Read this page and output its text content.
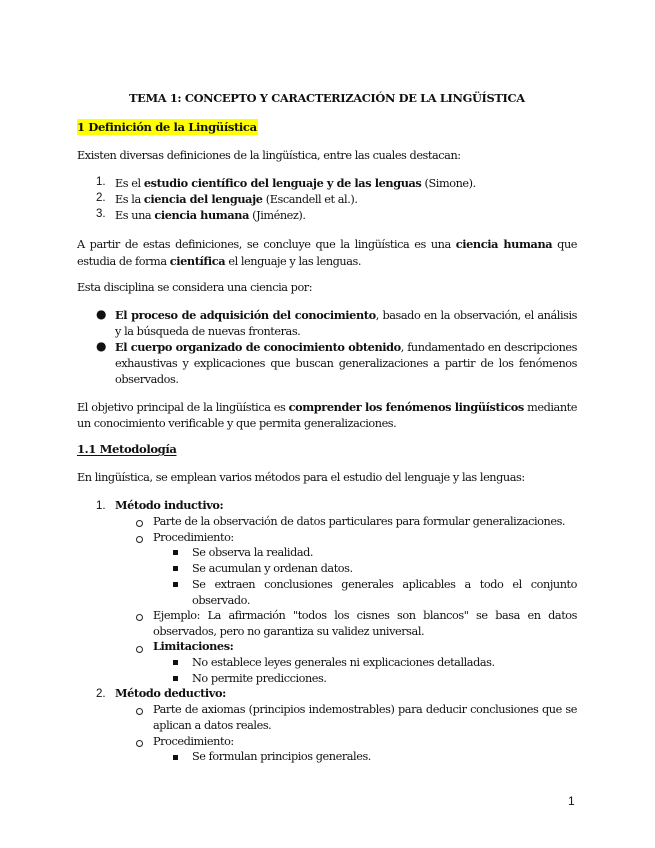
TEMA 1: CONCEPTO Y CARACTERIZACIÓN DE LA LINGÜÍSTICA
1 Definición de la Lingüística
Existen diversas definiciones de la lingüística, entre las cuales destacan:
1. Es el estudio científico del lenguaje y de las lenguas (Simone).
2. Es la ciencia del lenguaje (Escandell et al.).
3. Es una ciencia humana (Jiménez).
A partir de estas definiciones, se concluye que la lingüística es una ciencia humana que estudia de forma científica el lenguaje y las lenguas.
Esta disciplina se considera una ciencia por:
● El proceso de adquisición del conocimiento, basado en la observación, el análisis y la búsqueda de nuevas fronteras.
● El cuerpo organizado de conocimiento obtenido, fundamentado en descripciones exhaustivas y explicaciones que buscan generalizaciones a partir de los fenómenos observados.
El objetivo principal de la lingüística es comprender los fenómenos lingüísticos mediante un conocimiento verificable y que permita generalizaciones.
1.1 Metodología
En lingüística, se emplean varios métodos para el estudio del lenguaje y las lenguas:
1. Método inductivo:
Parte de la observación de datos particulares para formular generalizaciones.
Procedimiento:
Se observa la realidad.
Se acumulan y ordenan datos.
Se extraen conclusiones generales aplicables a todo el conjunto observado.
Ejemplo: La afirmación "todos los cisnes son blancos" se basa en datos observados, pero no garantiza su validez universal.
Limitaciones:
No establece leyes generales ni explicaciones detalladas.
No permite predicciones.
2. Método deductivo:
Parte de axiomas (principios indemostrables) para deducir conclusiones que se aplican a datos reales.
Procedimiento:
Se formulan principios generales.
1
